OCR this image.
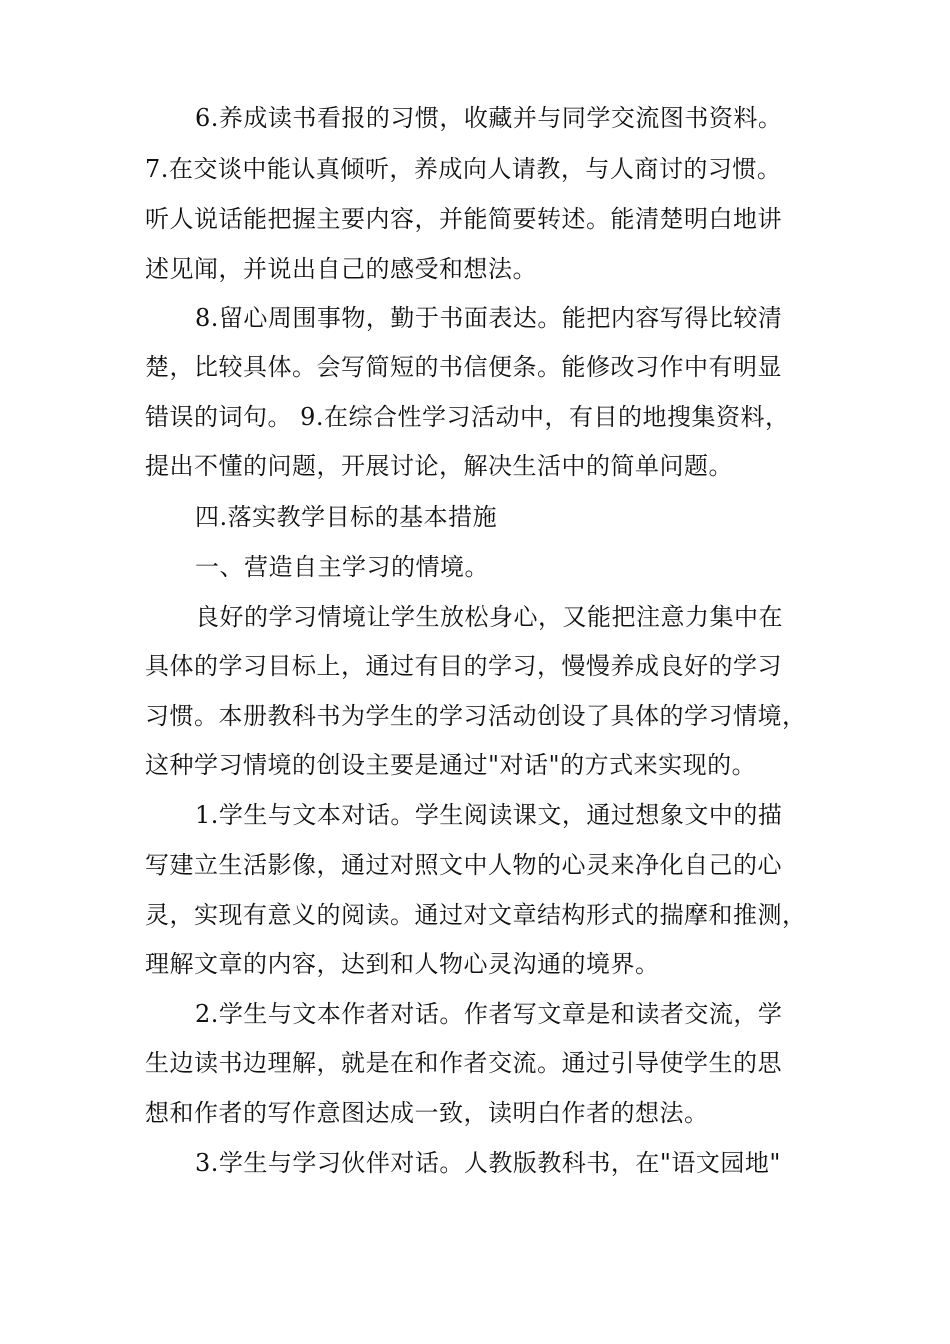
6.养成读书看报的习惯，收藏并与同学交流图书资料。
7.在交谈中能认真倾听，养成向人请教，与人商讨的习惯。
听人说话能把握主要内容，并能简要转述。能清楚明白地讲
述见闻，并说出自己的感受和想法。
8.留心周围事物，勤于书面表达。能把内容写得比较清
楚，比较具体。会写简短的书信便条。能修改习作中有明显
错误的词句。 9.在综合性学习活动中，有目的地搜集资料，
提出不懂的问题，开展讨论，解决生活中的简单问题。
四.落实教学目标的基本措施
一、营造自主学习的情境。
良好的学习情境让学生放松身心，又能把注意力集中在
具体的学习目标上，通过有目的学习，慢慢养成良好的学习
习惯。本册教科书为学生的学习活动创设了具体的学习情境，
这种学习情境的创设主要是通过"对话"的方式来实现的。
1.学生与文本对话。学生阅读课文，通过想象文中的描
写建立生活影像，通过对照文中人物的心灵来净化自己的心
灵，实现有意义的阅读。通过对文章结构形式的揣摩和推测，
理解文章的内容，达到和人物心灵沟通的境界。
2.学生与文本作者对话。作者写文章是和读者交流，学
生边读书边理解，就是在和作者交流。通过引导使学生的思
想和作者的写作意图达成一致，读明白作者的想法。
3.学生与学习伙伴对话。人教版教科书，在"语文园地"
